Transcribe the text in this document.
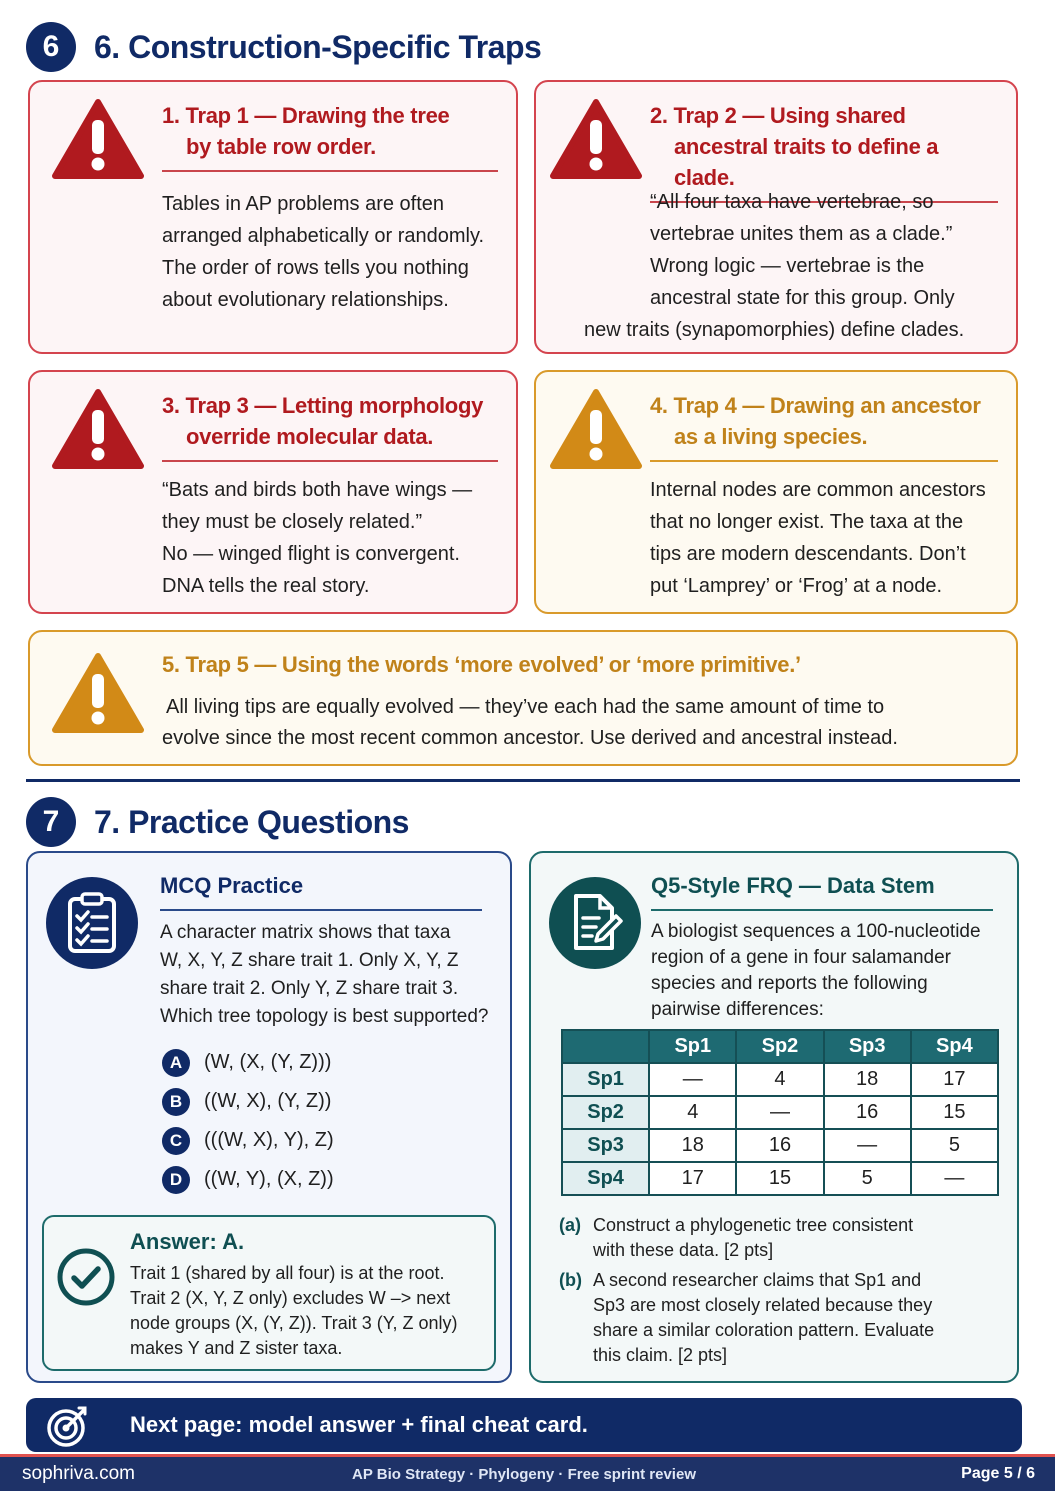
6	6. Construction-Specific Traps
1. Trap 1 — Drawing the tree
by table row order.
Tables in AP problems are often
arranged alphabetically or randomly.
The order of rows tells you nothing
about evolutionary relationships.
2. Trap 2 — Using shared
ancestral traits to define a clade.
“All four taxa have vertebrae, so
vertebrae unites them as a clade.”
Wrong logic — vertebrae is the
ancestral state for this group. Only
new traits (synapomorphies) define clades.
3. Trap 3 — Letting morphology
override molecular data.
“Bats and birds both have wings —
they must be closely related.”
No — winged flight is convergent.
DNA tells the real story.
4. Trap 4 — Drawing an ancestor
as a living species.
Internal nodes are common ancestors
that no longer exist. The taxa at the
tips are modern descendants. Don’t
put ‘Lamprey’ or ‘Frog’ at a node.
5. Trap 5 — Using the words ‘more evolved’ or ‘more primitive.’
All living tips are equally evolved — they’ve each had the same amount of time to
evolve since the most recent common ancestor. Use derived and ancestral instead.
7	7. Practice Questions
MCQ Practice
A character matrix shows that taxa
W, X, Y, Z share trait 1. Only X, Y, Z
share trait 2. Only Y, Z share trait 3.
Which tree topology is best supported?
A	(W, (X, (Y, Z)))
B	((W, X), (Y, Z))
C	(((W, X), Y), Z)
D	((W, Y), (X, Z))
Answer: A.
Trait 1 (shared by all four) is at the root.
Trait 2 (X, Y, Z only) excludes W –> next
node groups (X, (Y, Z)). Trait 3 (Y, Z only)
makes Y and Z sister taxa.
Q5-Style FRQ — Data Stem
A biologist sequences a 100-nucleotide
region of a gene in four salamander
species and reports the following
pairwise differences:
	Sp1	Sp2	Sp3	Sp4
Sp1	—	4	18	17
Sp2	4	—	16	15
Sp3	18	16	—	5
Sp4	17	15	5	—
(a) Construct a phylogenetic tree consistent
with these data. [2 pts]
(b) A second researcher claims that Sp1 and
Sp3 are most closely related because they
share a similar coloration pattern. Evaluate
this claim. [2 pts]
Next page: model answer + final cheat card.
sophriva.com	AP Bio Strategy · Phylogeny · Free sprint review	Page 5 / 6
